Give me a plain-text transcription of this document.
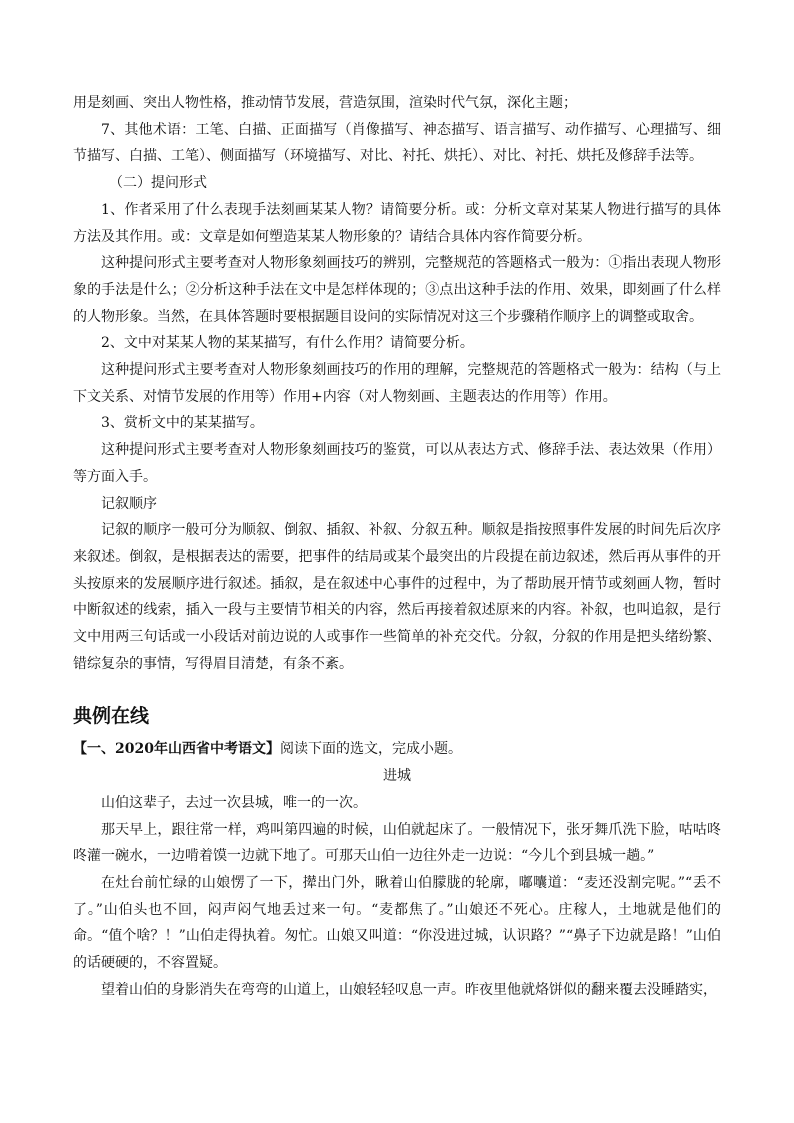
用是刻画、突出人物性格，推动情节发展，营造氛围，渲染时代气氛，深化主题；

7、其他术语：工笔、白描、正面描写（肖像描写、神态描写、语言描写、动作描写、心理描写、细节描写、白描、工笔）、侧面描写（环境描写、对比、衬托、烘托）、对比、衬托、烘托及修辞手法等。

（二）提问形式

1、作者采用了什么表现手法刻画某某人物？请简要分析。或：分析文章对某某人物进行描写的具体方法及其作用。或：文章是如何塑造某某人物形象的？请结合具体内容作简要分析。

这种提问形式主要考查对人物形象刻画技巧的辨别，完整规范的答题格式一般为：①指出表现人物形象的手法是什么；②分析这种手法在文中是怎样体现的；③点出这种手法的作用、效果，即刻画了什么样的人物形象。当然，在具体答题时要根据题目设问的实际情况对这三个步骤稍作顺序上的调整或取舍。

2、文中对某某人物的某某描写，有什么作用？请简要分析。

这种提问形式主要考查对人物形象刻画技巧的作用的理解，完整规范的答题格式一般为：结构（与上下文关系、对情节发展的作用等）作用+内容（对人物刻画、主题表达的作用等）作用。

3、赏析文中的某某描写。

这种提问形式主要考查对人物形象刻画技巧的鉴赏，可以从表达方式、修辞手法、表达效果（作用）等方面入手。

记叙顺序

记叙的顺序一般可分为顺叙、倒叙、插叙、补叙、分叙五种。顺叙是指按照事件发展的时间先后次序来叙述。倒叙，是根据表达的需要，把事件的结局或某个最突出的片段提在前边叙述，然后再从事件的开头按原来的发展顺序进行叙述。插叙，是在叙述中心事件的过程中，为了帮助展开情节或刻画人物，暂时中断叙述的线索，插入一段与主要情节相关的内容，然后再接着叙述原来的内容。补叙，也叫追叙，是行文中用两三句话或一小段话对前边说的人或事作一些简单的补充交代。分叙，分叙的作用是把头绪纷繁、错综复杂的事情，写得眉目清楚，有条不紊。

典例在线

【一、2020年山西省中考语文】阅读下面的选文，完成小题。

进城

山伯这辈子，去过一次县城，唯一的一次。

那天早上，跟往常一样，鸡叫第四遍的时候，山伯就起床了。一般情况下，张牙舞爪洗下脸，咕咕咚咚灌一碗水，一边啃着馍一边就下地了。可那天山伯一边往外走一边说：“今儿个到县城一趟。”

在灶台前忙绿的山娘愣了一下，撵出门外，瞅着山伯朦胧的轮廓，嘟囔道：“麦还没割完呢。”“丢不了。”山伯头也不回，闷声闷气地丢过来一句。“麦都焦了。”山娘还不死心。庄稼人，土地就是他们的命。“值个啥？！”山伯走得执着。匆忙。山娘又叫道：“你没进过城，认识路？”“鼻子下边就是路！”山伯的话硬硬的，不容置疑。

望着山伯的身影消失在弯弯的山道上，山娘轻轻叹息一声。昨夜里他就烙饼似的翻来覆去没睡踏实，
